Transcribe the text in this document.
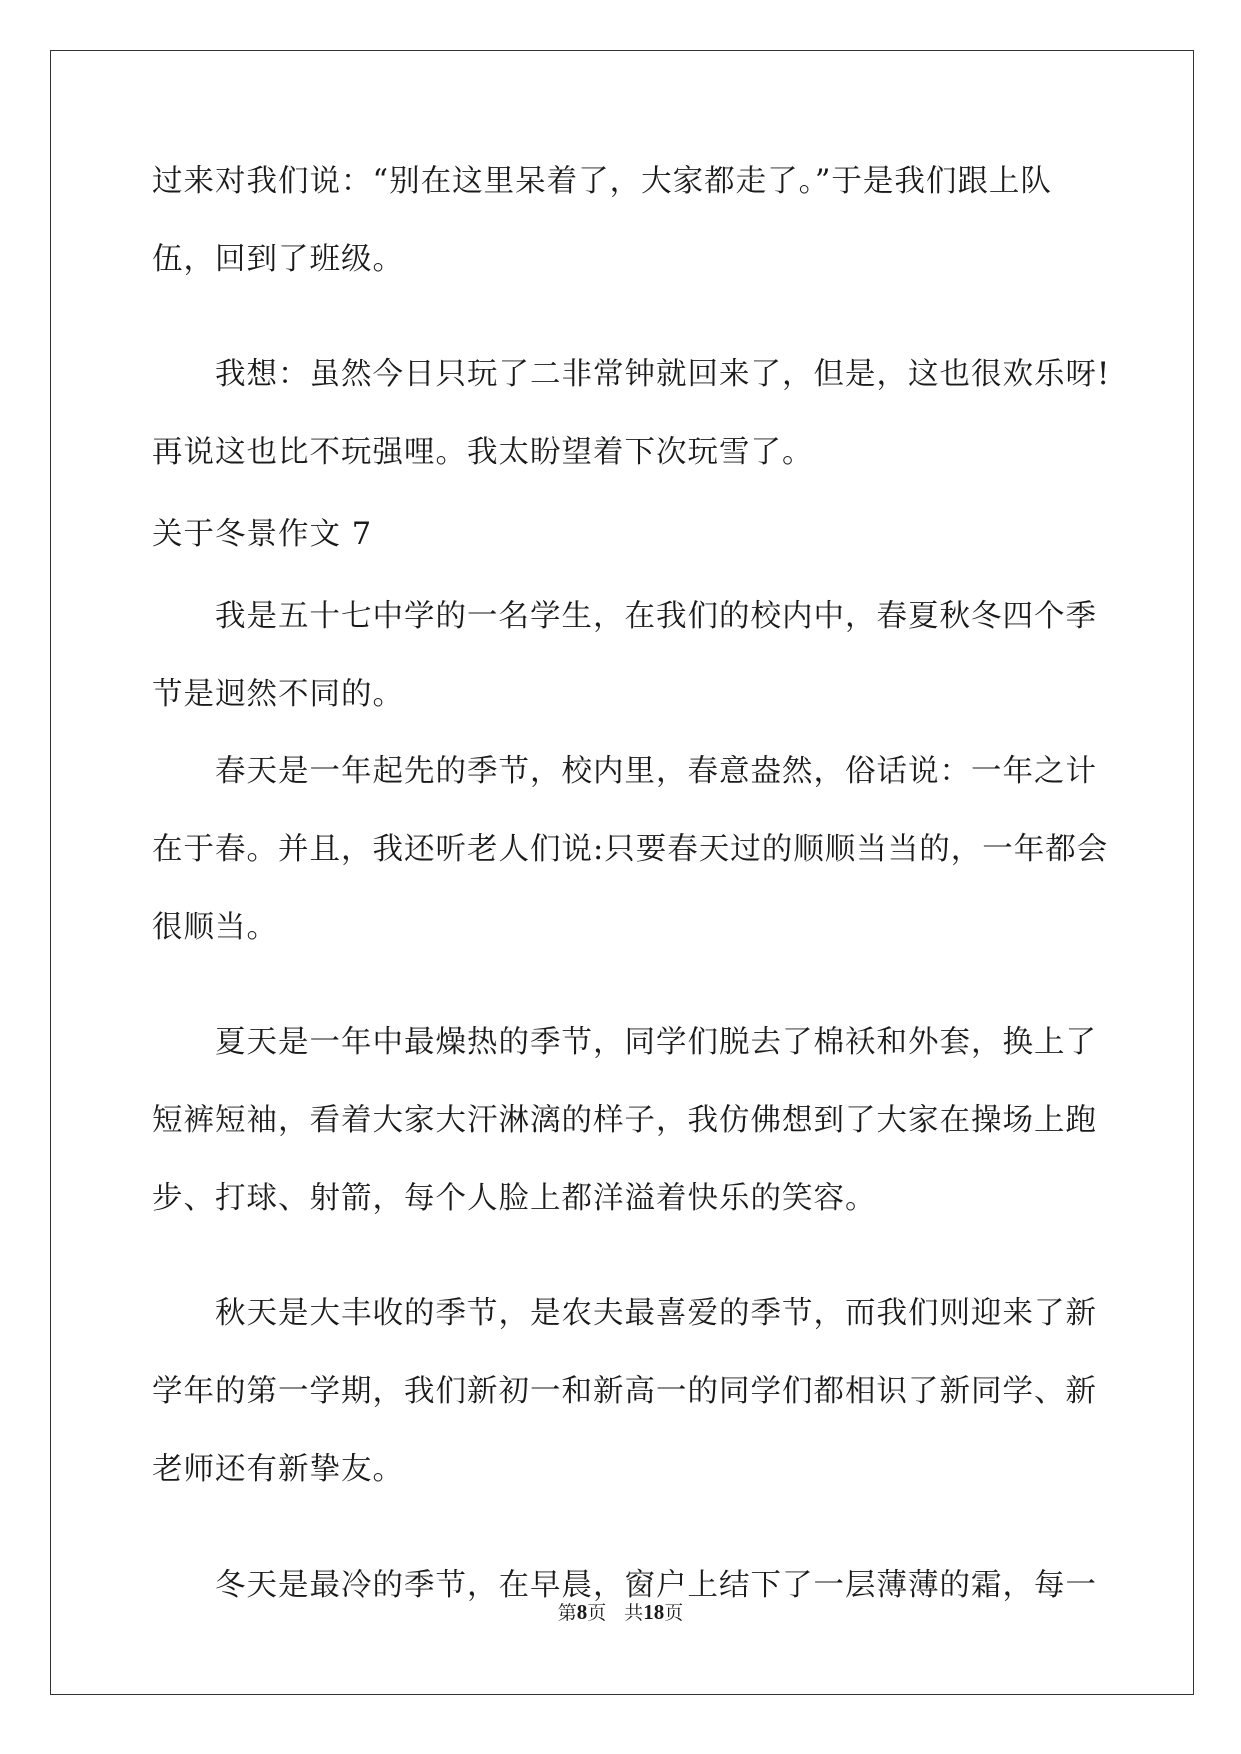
过来对我们说：“别在这里呆着了，大家都走了。”于是我们跟上队
伍，回到了班级。
我想：虽然今日只玩了二非常钟就回来了，但是，这也很欢乐呀!
再说这也比不玩强哩。我太盼望着下次玩雪了。
关于冬景作文 7
我是五十七中学的一名学生，在我们的校内中，春夏秋冬四个季
节是迥然不同的。
春天是一年起先的季节，校内里，春意盎然，俗话说：一年之计
在于春。并且，我还听老人们说:只要春天过的顺顺当当的，一年都会
很顺当。
夏天是一年中最燥热的季节，同学们脱去了棉袄和外套，换上了
短裤短袖，看着大家大汗淋漓的样子，我仿佛想到了大家在操场上跑
步、打球、射箭，每个人脸上都洋溢着快乐的笑容。
秋天是大丰收的季节，是农夫最喜爱的季节，而我们则迎来了新
学年的第一学期，我们新初一和新高一的同学们都相识了新同学、新
老师还有新挚友。
冬天是最冷的季节，在早晨，窗户上结下了一层薄薄的霜，每一
第8页 共18页
